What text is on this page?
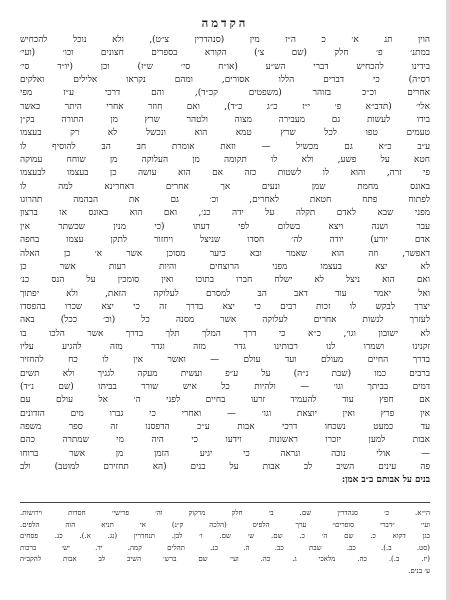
הקדמה
הוין תנ א׳ כ ה״ז מין (סנהדרין צ״ט), ולא נוכל להכחיש
במתנ׳ פ׳ חלק (שם צ׳) הקורא בספרים חצונים וכו׳ (ועי׳
בידינו להכחיש דברי הש״ע (או״ח סי׳ ש״ז) וכן (יו״ד סי׳
רס״ה) כי דברים הללו אסורים, ומהם נקראו אלילים ואלקים
אחרים וכ״כ בזוהר (משפטים קכ״ד), והם דרכי ע״ז מפי
אלי׳ (תדב״א פ׳ י״ז כ״ג כ״ד), ואם חוזר אחרי היתר כאשר
בידו לעשות גם מעבירה מצוה ולטהר שרץ מן התורה בק״ן
טעמים טפו לכל שרץ טמא הוא ונכשל לא רק בעצמו
ע״ב כ״א גם מכשיל — וזאת אומרת חבּ הבּ להוסיף לו
חטא על פשע, ולא לו תקומה מן העלוקה מן שוחח עמוקה
פי זרה, והוא לו לשטות כזה אם הוא עושה כן בעצמו לבעצמו
באונס מחמת שמן ונעים אך אחרים דאחרינא למה לו
לפתוח פתח חטאת לאחרים, וכ׳ גם את הבהמה תהרוגו
מפני שבא לאדם תקלה על ידה כנ׳, ואם הוא באונס או ברצון
עבר ושנה ויצא בשלום לפי דעתו (כי מנין שכשתר אין
אדם יורע) יודה לה׳ חסדו שניצל ויחזור לתקן עצמו בחפה
דאפשר, וזה הוא שאמר ובא כיער מסוכן אשר א׳ כן האלה
לא יצא בעצמו מפני הרוצחים והיות רעות אשר כן
ואם הוא ניצל לא ישלח חברו בתוכו ואין סומכין על הנס כנ׳
ואל יאמר עוד דאב הבּ למסרם לעלוקה הזאת, ולא יפתוך
יצרך לבקש לו זכות רבים כי יצא בדרך זה כי יצא שכרו בהפסדו
לעזרך לנשות אחרים לעלוקה אשר מסנה כל (וכ׳ ככל) באה
לא ישובון וגו׳, כ״א כי דרך המלך תלך בדרך אשר הלכו בו
זקנינו ושמרו לנו רבותינו גדר מזה וגדר מזה להגיע עליו
בדרך החיים מעולם ועד עולם — ואשר אין לו כח להחזיר
ברבים כמו (שבת נ״ה) על ע״פ ועשית מעקה לגגיך ולא תשים
דמים בביתך וגו׳ — ולהיות כל איש שורר בביתו (שם נ״ד)
אם חפץ עוד להעמיד זרעו בחיים לפני ה׳ אל עולם עם
אין פרץ ואין יוצאת וגו׳ — ואחרי כי גברו מים הזדונים
עד כמעט נשכחו דרכי אבות ע״כ הדפסנו זה ספר משפה
אבות למען יזכרו ראשונות וידעו כי היה מי שמתרה כהם
— אולי נוכה ונראה כי יגיע הזמן מן אשר ברוחו
פה עינים השיב לב אבות על בנים (הא תחזירם למוטב) ולב
בנים על אבותם ב״ב אמן:
הי״א. כ׳ סנהדרין שם. ב׳ חלק מרקוק וה׳ פרישי׳ חסדות וירושות.
ועי׳ ״דברי סופרים״ ערך הלפיס (הלכה ק״נ) אי תניא הוה הלפים.
כגן דקוא כ. שם ה׳ כ. שם. ש׳ שם. ו׳ לבן. תנחדרין (נג. א.). כנ. פסחים
(סט. ב.). כב. שבת כב. ה. כנ. תהלים קמה. יד. יש׳ ברכות
(יז. ב.). כה. מלאכי ג. כה. ועי׳ שם ברש׳ השיב לב אבות להקב״ה
ע׳ בנים.
